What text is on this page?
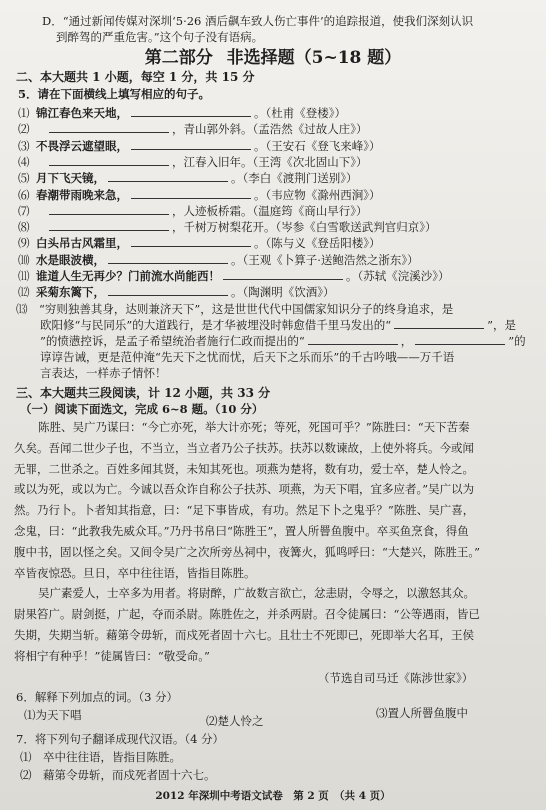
D．“通过新闻传媒对深圳‘5·26 酒后飙车致人伤亡事件’的追踪报道，使我们深刻认识
到醉驾的严重危害。”这个句子没有语病。
第二部分 非选择题（5~18 题）
二、本大题共 1 小题，每空 1 分，共 15 分
5．请在下面横线上填写相应的句子。
⑴ 锦江春色来天地，	。（杜甫《登楼》）
⑵	，青山郭外斜。（孟浩然《过故人庄》）
⑶ 不畏浮云遮望眼，	。（王安石《登飞来峰》）
⑷	，江春入旧年。（王湾《次北固山下》）
⑸ 月下飞天镜，	。（李白《渡荆门送别》）
⑹ 春潮带雨晚来急，	。（韦应物《滁州西涧》）
⑺	，人迹板桥霜。（温庭筠《商山早行》）
⑻	，千树万树梨花开。（岑参《白雪歌送武判官归京》）
⑼ 白头吊古风霜里，	。（陈与义《登岳阳楼》）
⑽ 水是眼波横，	。（王观《卜算子·送鲍浩然之浙东》）
⑾ 谁道人生无再少？门前流水尚能西！	。（苏轼《浣溪沙》）
⑿ 采菊东篱下，	。（陶渊明《饮酒》）
⒀　“穷则独善其身，达则兼济天下”，这是世世代代中国儒家知识分子的终身追求，是
欧阳修“与民同乐”的大道践行，是才华被埋没时韩愈借千里马发出的“	”，是
”的愤懑控诉，是孟子希望统治者施行仁政而提出的“	，	”的
谆谆告诫，更是范仲淹“先天下之忧而忧，后天下之乐而乐”的千古吟哦——万千语
言表达，一样赤子情怀！
三、本大题共三段阅读，计 12 小题，共 33 分
（一）阅读下面选文，完成 6~8 题。（10 分）
陈胜、吴广乃谋曰：“今亡亦死，举大计亦死；等死，死国可乎？”陈胜曰：“天下苦秦
久矣。吾闻二世少子也，不当立，当立者乃公子扶苏。扶苏以数谏故，上使外将兵。今或闻
无罪，二世杀之。百姓多闻其贤，未知其死也。项燕为楚将，数有功，爱士卒，楚人怜之。
或以为死，或以为亡。今诚以吾众诈自称公子扶苏、项燕，为天下唱，宜多应者。”吴广以为
然。乃行卜。卜者知其指意，曰：“足下事皆成，有功。然足下卜之鬼乎？”陈胜、吴广喜，
念鬼，曰：“此教我先威众耳。”乃丹书帛曰“陈胜王”，置人所罾鱼腹中。卒买鱼烹食，得鱼
腹中书，固以怪之矣。又间令吴广之次所旁丛祠中，夜篝火，狐鸣呼曰：“大楚兴，陈胜王。”
卒皆夜惊恐。旦日，卒中往往语，皆指目陈胜。
吴广素爱人，士卒多为用者。将尉醉，广故数言欲亡，忿恚尉，令辱之，以激怒其众。
尉果笞广。尉剑挺，广起，夺而杀尉。陈胜佐之，并杀两尉。召令徒属曰：“公等遇雨，皆已
失期，失期当斩。藉第令毋斩，而戍死者固十六七。且壮士不死即已，死即举大名耳，王侯
将相宁有种乎！”徒属皆曰：“敬受命。”
（节选自司马迁《陈涉世家》）
6．解释下列加点的词。（3 分）
⑴为天下唱	⑵楚人怜之
⑶置人所罾鱼腹中
7．将下列句子翻译成现代汉语。（4 分）
⑴　卒中往往语，皆指目陈胜。
⑵　藉第令毋斩，而戍死者固十六七。
2012 年深圳中考语文试卷　第 2 页　（共 4 页）
